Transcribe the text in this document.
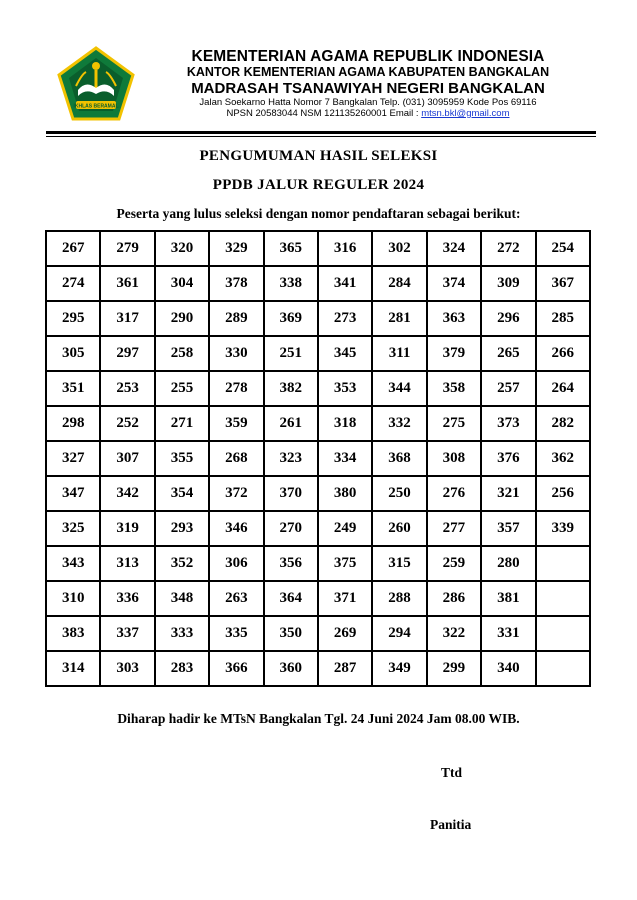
IKHLAS BERAMAL
KEMENTERIAN AGAMA REPUBLIK INDONESIA
KANTOR KEMENTERIAN AGAMA KABUPATEN BANGKALAN
MADRASAH TSANAWIYAH NEGERI BANGKALAN
Jalan Soekarno Hatta Nomor 7 Bangkalan Telp. (031) 3095959 Kode Pos 69116
NPSN 20583044 NSM 121135260001 Email : mtsn.bkl@gmail.com
PENGUMUMAN HASIL SELEKSI
PPDB JALUR REGULER 2024
Peserta yang lulus seleksi dengan nomor pendaftaran sebagai berikut:
267	279	320	329	365	316	302	324	272	254
274	361	304	378	338	341	284	374	309	367
295	317	290	289	369	273	281	363	296	285
305	297	258	330	251	345	311	379	265	266
351	253	255	278	382	353	344	358	257	264
298	252	271	359	261	318	332	275	373	282
327	307	355	268	323	334	368	308	376	362
347	342	354	372	370	380	250	276	321	256
325	319	293	346	270	249	260	277	357	339
343	313	352	306	356	375	315	259	280	
310	336	348	263	364	371	288	286	381	
383	337	333	335	350	269	294	322	331	
314	303	283	366	360	287	349	299	340	
Diharap hadir ke MTsN Bangkalan Tgl. 24 Juni 2024 Jam 08.00 WIB.
Ttd
Panitia
